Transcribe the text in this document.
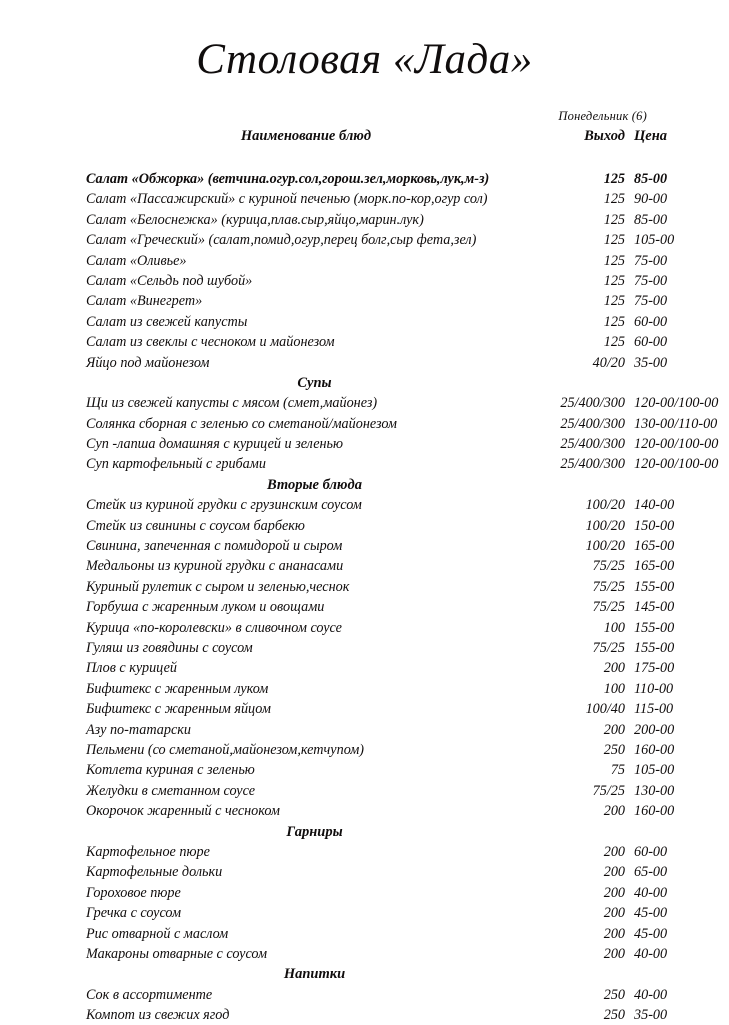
Столовая «Лада»
Понедельник (6)
Наименование блюд	Выход Цена
Салат «Обжорка» (ветчина.огур.сол,горош.зел,морковь,лук,м-з)	125 85-00
Салат «Пассажирский» с куриной печенью (морк.по-кор,огур сол)	125 90-00
Салат «Белоснежка» (курица,плав.сыр,яйцо,марин.лук)	125 85-00
Салат «Греческий» (салат,помид,огур,перец болг,сыр фета,зел)	125 105-00
Салат «Оливье»	125 75-00
Салат «Сельдь под шубой»	125 75-00
Салат «Винегрет»	125 75-00
Салат из свежей капусты	125 60-00
Салат из свеклы с чесноком и майонезом	125 60-00
Яйцо под майонезом	40/20 35-00
Супы
Щи из свежей капусты с мясом (смет,майонез)	25/400/300 120-00/100-00
Солянка сборная с зеленью со сметаной/майонезом	25/400/300 130-00/110-00
Суп -лапша домашняя с курицей и зеленью	25/400/300 120-00/100-00
Суп картофельный с грибами	25/400/300 120-00/100-00
Вторые блюда
Стейк из куриной грудки с грузинским соусом	100/20 140-00
Стейк из свинины с соусом барбекю	100/20 150-00
Свинина, запеченная с помидорой и сыром	100/20 165-00
Медальоны из куриной грудки с ананасами	75/25 165-00
Куриный рулетик с сыром и зеленью,чеснок	75/25 155-00
Горбуша с жаренным луком и овощами	75/25 145-00
Курица «по-королевски» в сливочном соусе	100 155-00
Гуляш из говядины с соусом	75/25 155-00
Плов с курицей	200 175-00
Бифштекс с жаренным луком	100 110-00
Бифштекс с жаренным яйцом	100/40 115-00
Азу по-татарски	200 200-00
Пельмени (со сметаной,майонезом,кетчупом)	250 160-00
Котлета куриная с зеленью	75 105-00
Желудки в сметанном соусе	75/25 130-00
Окорочок жаренный с чесноком	200 160-00
Гарниры
Картофельное пюре	200 60-00
Картофельные дольки	200 65-00
Гороховое пюре	200 40-00
Гречка с соусом	200 45-00
Рис отварной с маслом	200 45-00
Макароны отварные с соусом	200 40-00
Напитки
Сок в ассортименте	250 40-00
Компот из свежих ягод	250 35-00
